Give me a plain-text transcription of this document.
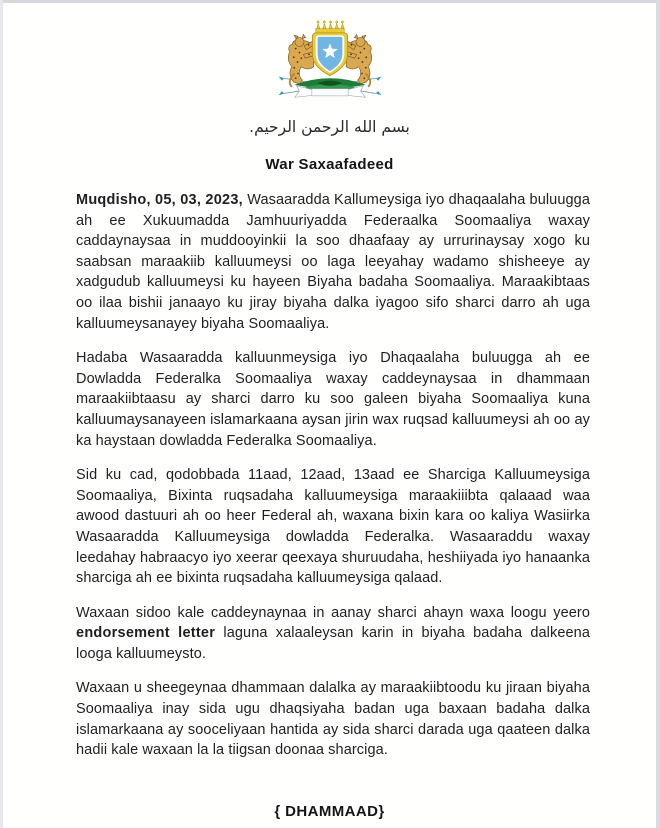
بسم الله الرحمن الرحيم.
War Saxaafadeed

Muqdisho, 05, 03, 2023, Wasaaradda Kallumeysiga iyo dhaqaalaha buluugga ah ee Xukuumadda Jamhuuriyadda Federaalka Soomaaliya waxay caddaynaysaa in muddooyinkii la soo dhaafaay ay urrurinaysay xogo ku saabsan maraakiib kalluumeysi oo laga leeyahay wadamo shisheeye ay xadgudub kalluumeysi ku hayeen Biyaha badaha Soomaaliya. Maraakibtaas oo ilaa bishii janaayo ku jiray biyaha dalka iyagoo sifo sharci darro ah uga kalluumeysanayey biyaha Soomaaliya.

Hadaba Wasaaradda kalluunmeysiga iyo Dhaqaalaha buluugga ah ee Dowladda Federalka Soomaaliya waxay caddeynaysaa in dhammaan maraakiibtaasu ay sharci darro ku soo galeen biyaha Soomaaliya kuna kalluumaysanayeen islamarkaana aysan jirin wax ruqsad kalluumeysi ah oo ay ka haystaan dowladda Federalka Soomaaliya.

Sid ku cad, qodobbada 11aad, 12aad, 13aad ee Sharciga Kalluumeysiga Soomaaliya, Bixinta ruqsadaha kalluumeysiga maraakiiibta qalaaad waa awood dastuuri ah oo heer Federal ah, waxana bixin kara oo kaliya Wasiirka Wasaaradda Kalluumeysiga dowladda Federalka. Wasaaraddu waxay leedahay habraacyo iyo xeerar qeexaya shuruudaha, heshiiyada iyo hanaanka sharciga ah ee bixinta ruqsadaha kalluumeysiga qalaad.

Waxaan sidoo kale caddeynaynaa in aanay sharci ahayn waxa loogu yeero endorsement letter laguna xalaaleysan karin in biyaha badaha dalkeena looga kalluumeysto.

Waxaan u sheegeynaa dhammaan dalalka ay maraakiibtoodu ku jiraan biyaha Soomaaliya inay sida ugu dhaqsiyaha badan uga baxaan badaha dalka islamarkaana ay sooceliyaan hantida ay sida sharci darada uga qaateen dalka hadii kale waxaan la la tiigsan doonaa sharciga.

{ DHAMMAAD}
